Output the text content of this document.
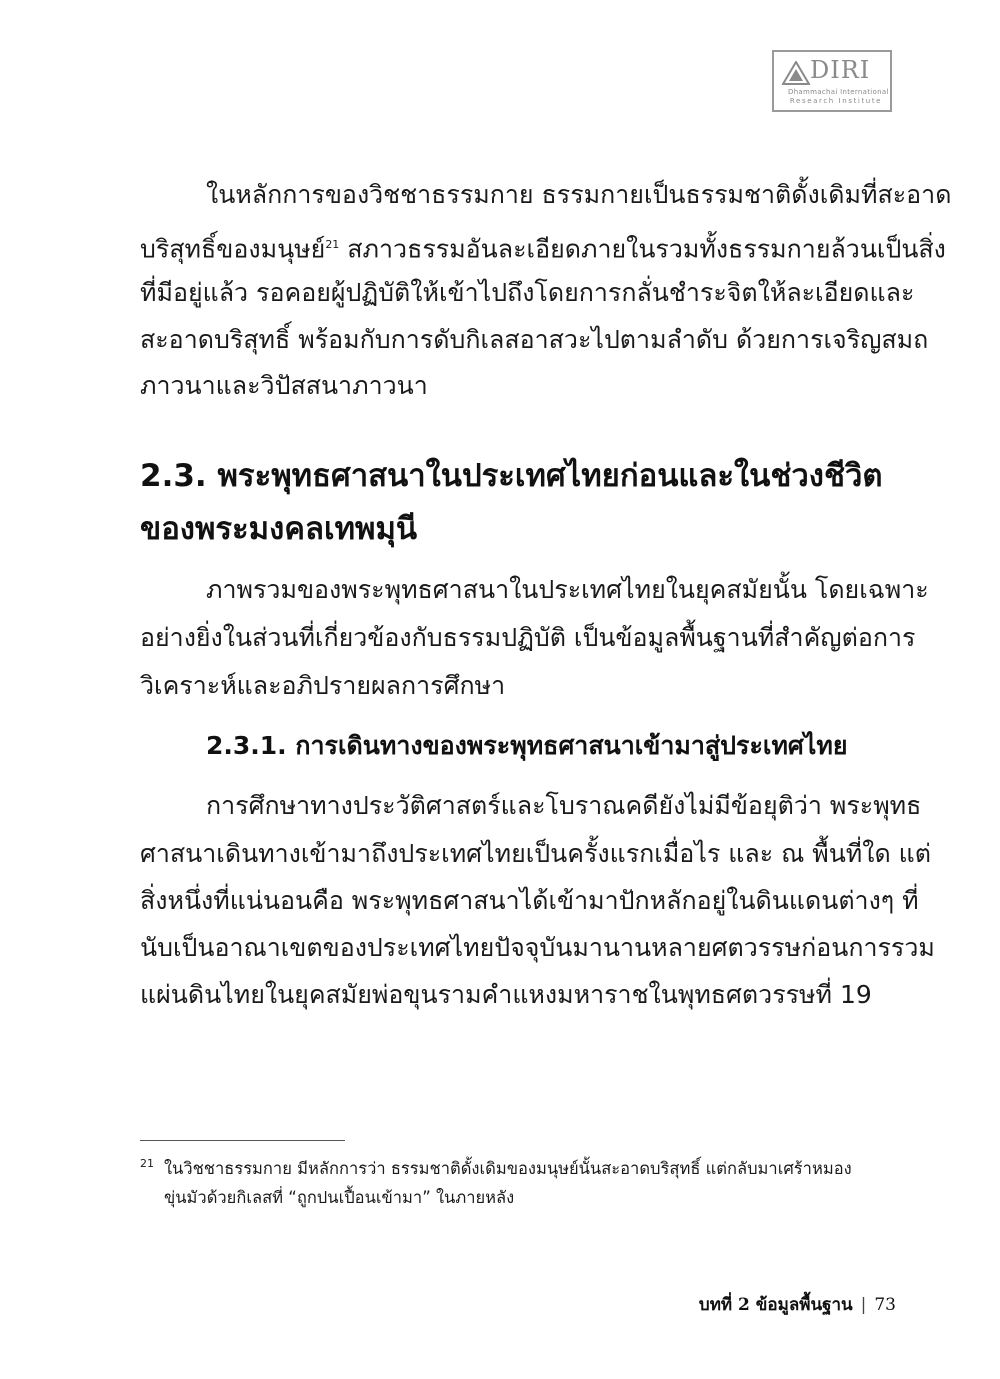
DIRI
Dhammachai International
Research Institute
ในหลักการของวิชชาธรรมกาย ธรรมกายเป็นธรรมชาติดั้งเดิมที่สะอาด
บริสุทธิ์ของมนุษย์$^{21}$ สภาวธรรมอันละเอียดภายในรวมทั้งธรรมกายล้วนเป็นสิ่ง
ที่มีอยู่แล้ว รอคอยผู้ปฏิบัติให้เข้าไปถึงโดยการกลั่นชำระจิตให้ละเอียดและ
สะอาดบริสุทธิ์ พร้อมกับการดับกิเลสอาสวะไปตามลำดับ ด้วยการเจริญสมถ
ภาวนาและวิปัสสนาภาวนา
2.3. พระพุทธศาสนาในประเทศไทยก่อนและในช่วงชีวิต
ของพระมงคลเทพมุนี
ภาพรวมของพระพุทธศาสนาในประเทศไทยในยุคสมัยนั้น โดยเฉพาะ
อย่างยิ่งในส่วนที่เกี่ยวข้องกับธรรมปฏิบัติ เป็นข้อมูลพื้นฐานที่สำคัญต่อการ
วิเคราะห์และอภิปรายผลการศึกษา
2.3.1. การเดินทางของพระพุทธศาสนาเข้ามาสู่ประเทศไทย
การศึกษาทางประวัติศาสตร์และโบราณคดียังไม่มีข้อยุติว่า พระพุทธ
ศาสนาเดินทางเข้ามาถึงประเทศไทยเป็นครั้งแรกเมื่อไร และ ณ พื้นที่ใด แต่
สิ่งหนึ่งที่แน่นอนคือ พระพุทธศาสนาได้เข้ามาปักหลักอยู่ในดินแดนต่างๆ ที่
นับเป็นอาณาเขตของประเทศไทยปัจจุบันมานานหลายศตวรรษก่อนการรวม
แผ่นดินไทยในยุคสมัยพ่อขุนรามคำแหงมหาราชในพุทธศตวรรษที่ 19
21 ในวิชชาธรรมกาย มีหลักการว่า ธรรมชาติดั้งเดิมของมนุษย์นั้นสะอาดบริสุทธิ์ แต่กลับมาเศร้าหมอง
ขุ่นมัวด้วยกิเลสที่ “ถูกปนเปื้อนเข้ามา” ในภายหลัง
บทที่ 2 ข้อมูลพื้นฐาน | 73
